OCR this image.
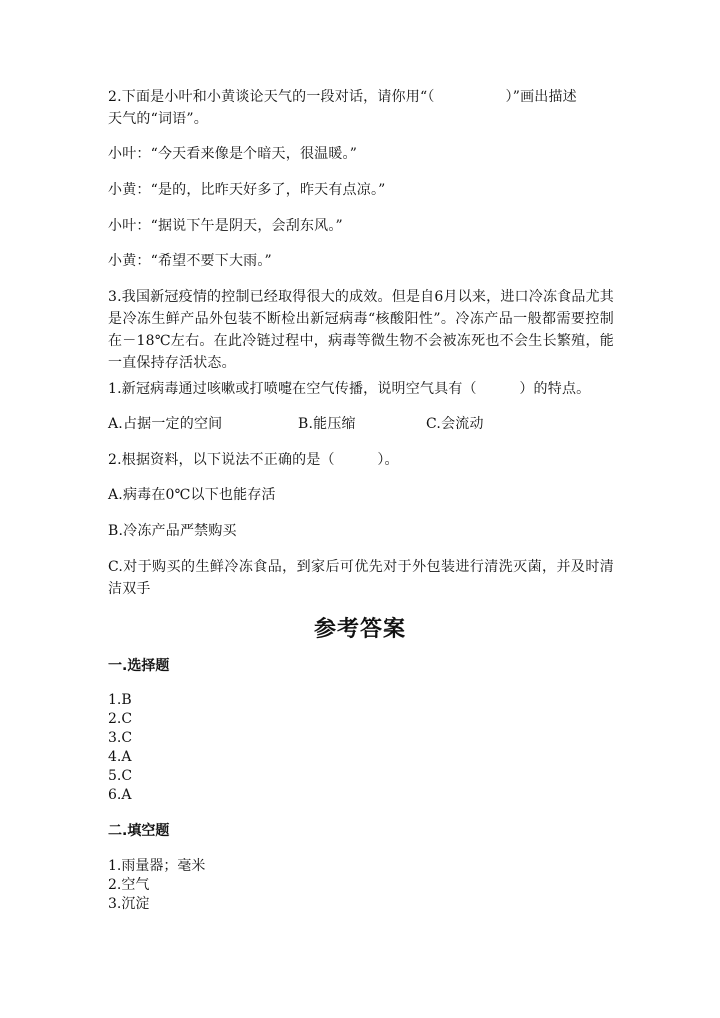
2.下面是小叶和小黄谈论天气的一段对话，请你用“（　　　　　）”画出描述
天气的“词语”。
小叶：“今天看来像是个暗天，很温暖。”
小黄：“是的，比昨天好多了，昨天有点凉。”
小叶：“据说下午是阴天，会刮东风。”
小黄：“希望不要下大雨。”
3.我国新冠疫情的控制已经取得很大的成效。但是自6月以来，进口冷冻食品尤其是冷冻生鲜产品外包装不断检出新冠病毒“核酸阳性”。冷冻产品一般都需要控制在－18℃左右。在此冷链过程中，病毒等微生物不会被冻死也不会生长繁殖，能一直保持存活状态。
1.新冠病毒通过咳嗽或打喷嚏在空气传播，说明空气具有（　　　）的特点。
A.占据一定的空间	B.能压缩	C.会流动
2.根据资料，以下说法不正确的是（　　　）。
A.病毒在0℃以下也能存活
B.冷冻产品严禁购买
C.对于购买的生鲜冷冻食品，到家后可优先对于外包装进行清洗灭菌，并及时清洁双手
参考答案
一.选择题
1.B
2.C
3.C
4.A
5.C
6.A
二.填空题
1.雨量器；毫米
2.空气
3.沉淀
